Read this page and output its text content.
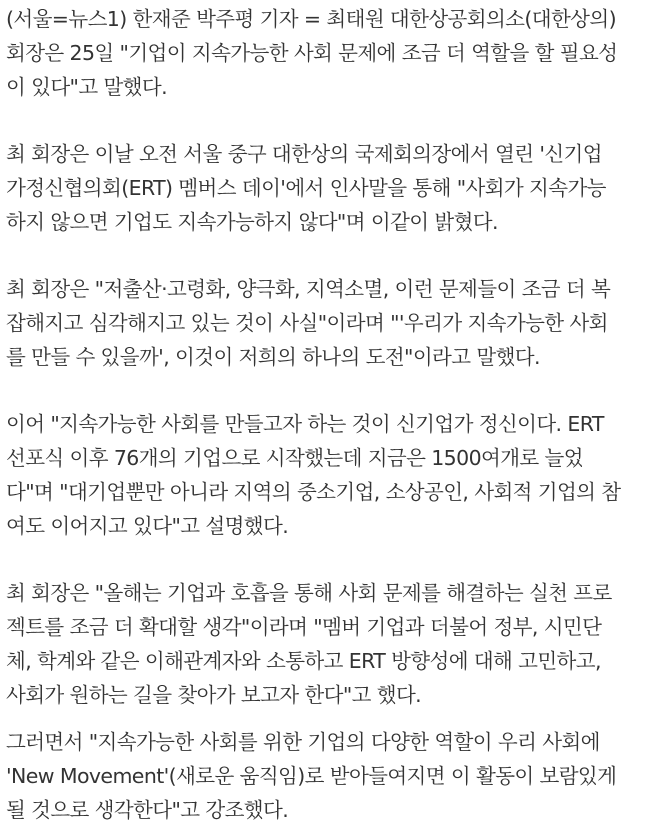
(서울=뉴스1) 한재준 박주평 기자 = 최태원 대한상공회의소(대한상의)
회장은 25일 "기업이 지속가능한 사회 문제에 조금 더 역할을 할 필요성
이 있다"고 말했다.
최 회장은 이날 오전 서울 중구 대한상의 국제회의장에서 열린 '신기업
가정신협의회(ERT) 멤버스 데이'에서 인사말을 통해 "사회가 지속가능
하지 않으면 기업도 지속가능하지 않다"며 이같이 밝혔다.
최 회장은 "저출산·고령화, 양극화, 지역소멸, 이런 문제들이 조금 더 복
잡해지고 심각해지고 있는 것이 사실"이라며 "'우리가 지속가능한 사회
를 만들 수 있을까', 이것이 저희의 하나의 도전"이라고 말했다.
이어 "지속가능한 사회를 만들고자 하는 것이 신기업가 정신이다. ERT
선포식 이후 76개의 기업으로 시작했는데 지금은 1500여개로 늘었
다"며 "대기업뿐만 아니라 지역의 중소기업, 소상공인, 사회적 기업의 참
여도 이어지고 있다"고 설명했다.
최 회장은 "올해는 기업과 호흡을 통해 사회 문제를 해결하는 실천 프로
젝트를 조금 더 확대할 생각"이라며 "멤버 기업과 더불어 정부, 시민단
체, 학계와 같은 이해관계자와 소통하고 ERT 방향성에 대해 고민하고,
사회가 원하는 길을 찾아가 보고자 한다"고 했다.
그러면서 "지속가능한 사회를 위한 기업의 다양한 역할이 우리 사회에
'New Movement'(새로운 움직임)로 받아들여지면 이 활동이 보람있게
될 것으로 생각한다"고 강조했다.
